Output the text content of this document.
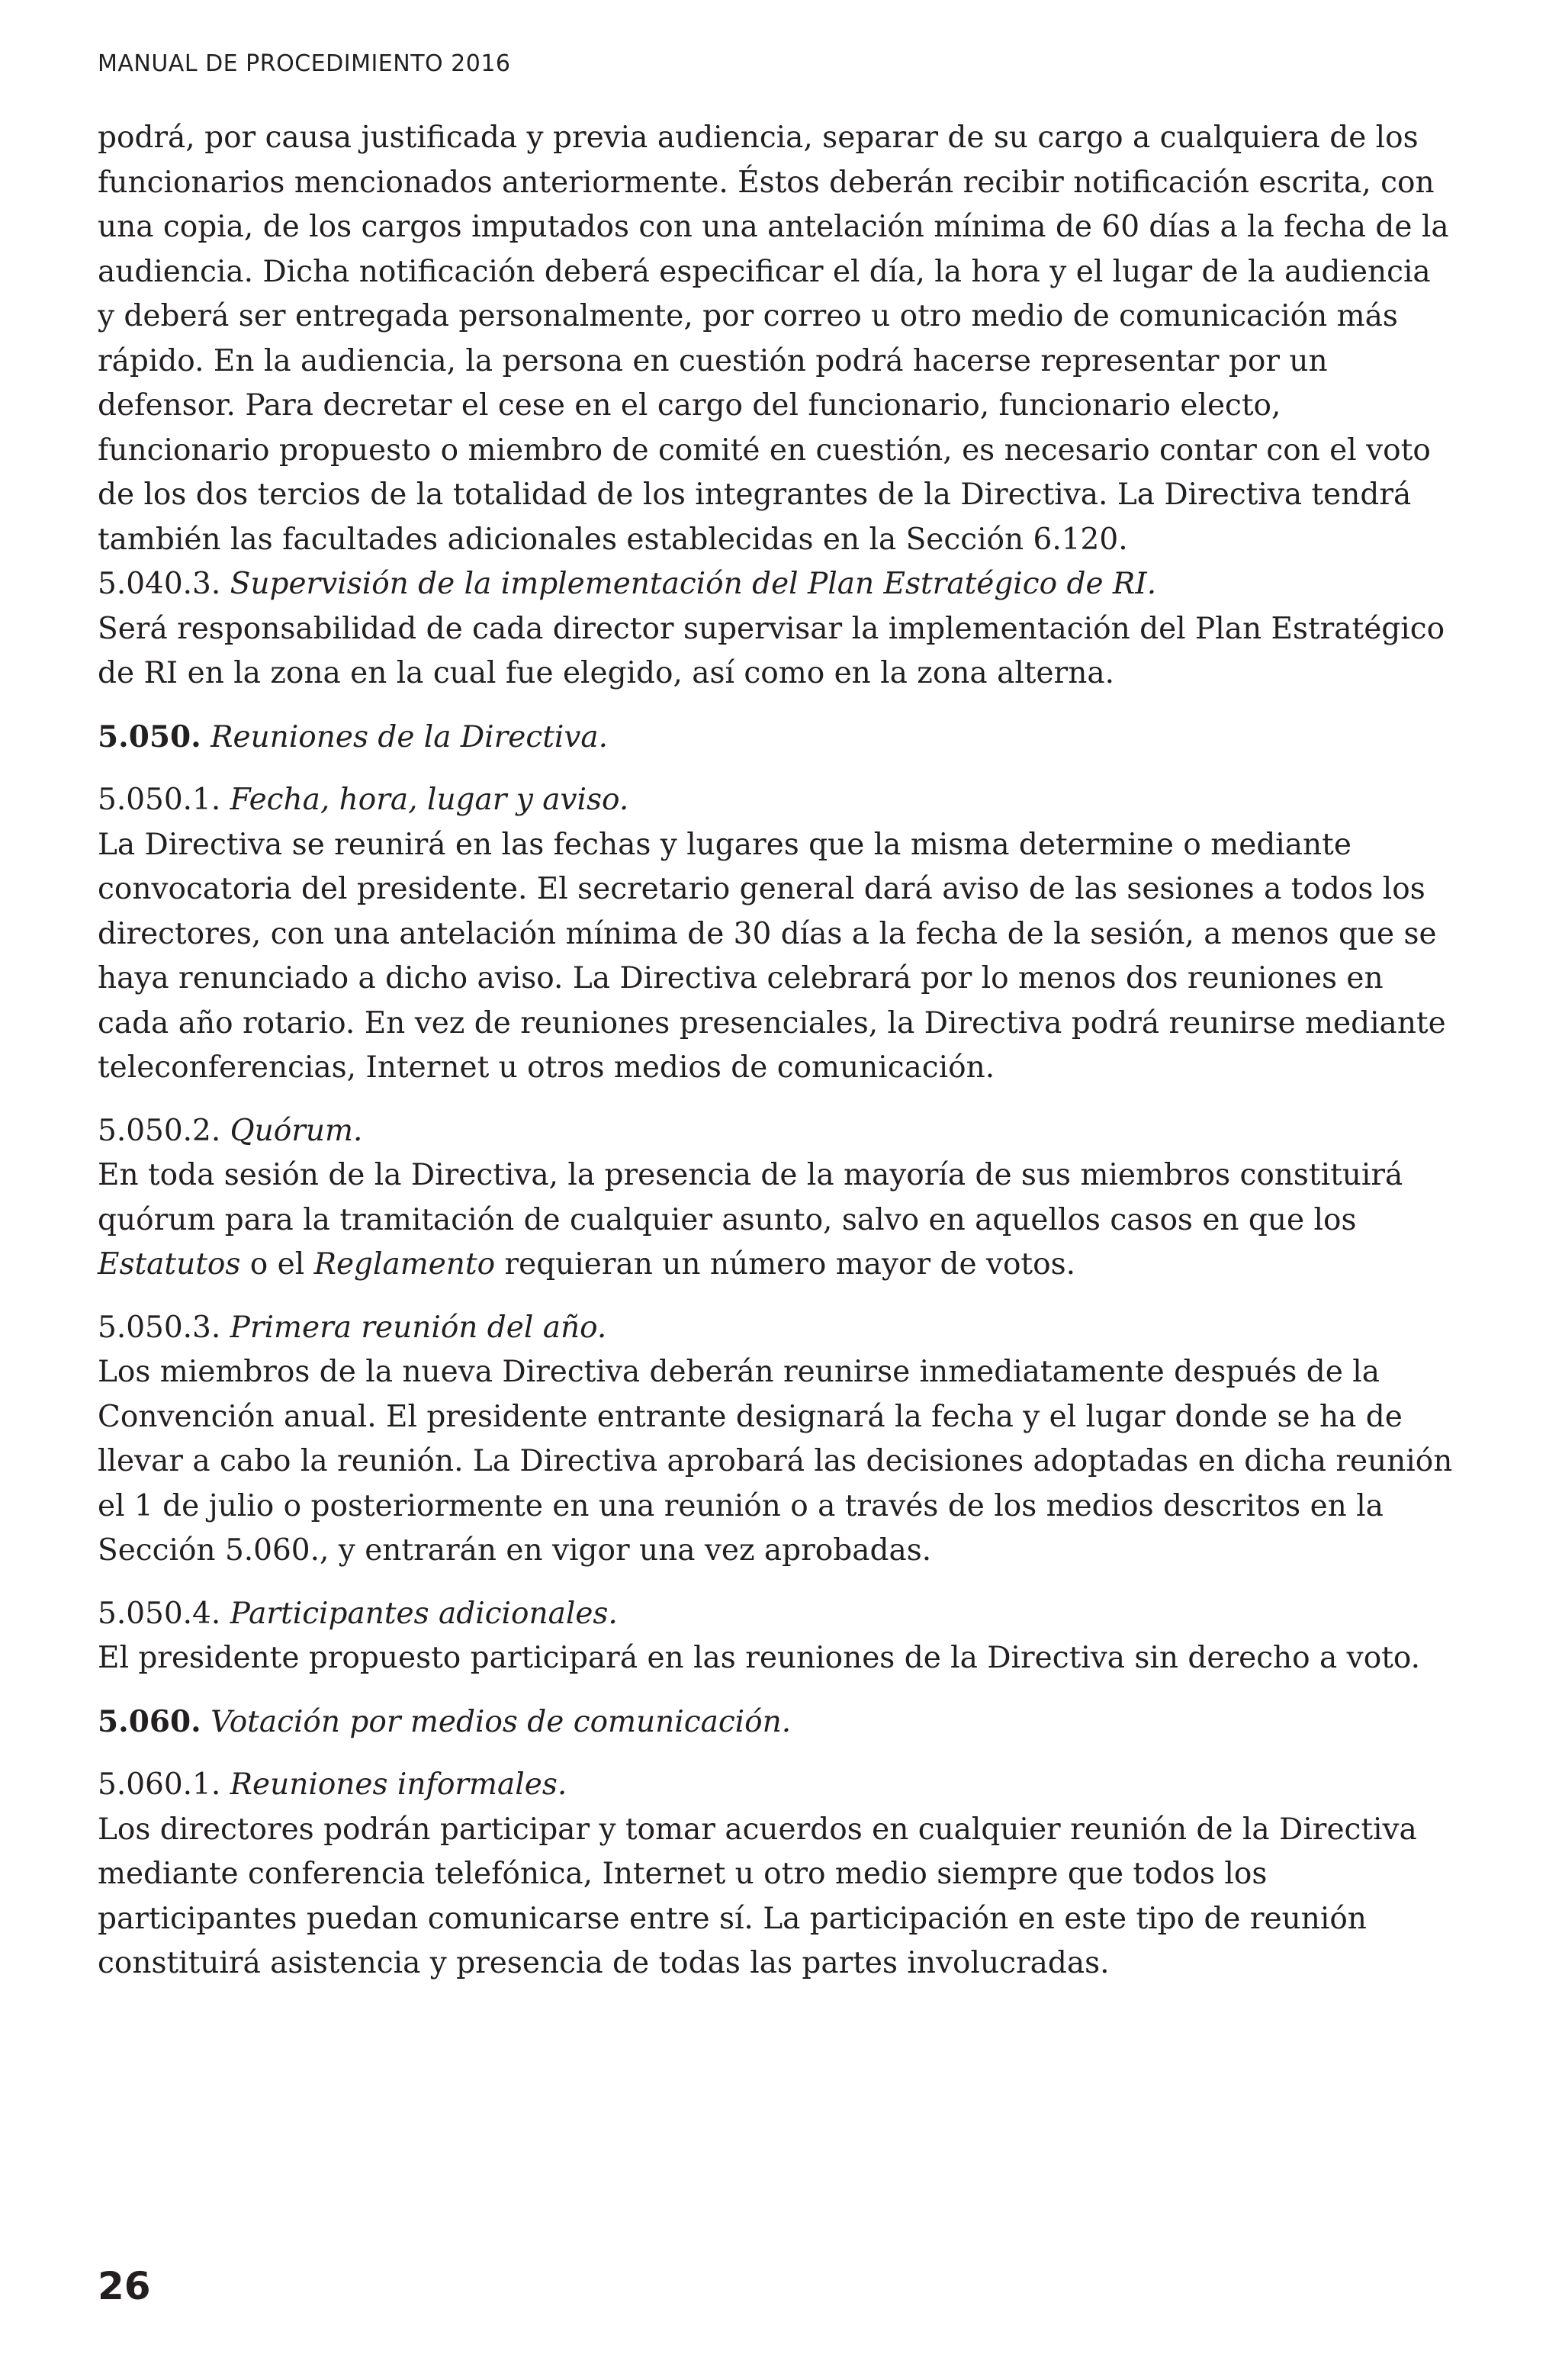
MANUAL DE PROCEDIMIENTO 2016

podrá, por causa justificada y previa audiencia, separar de su cargo a cualquiera de los funcionarios mencionados anteriormente. Éstos deberán recibir notificación escrita, con una copia, de los cargos imputados con una antelación mínima de 60 días a la fecha de la audiencia. Dicha notificación deberá especificar el día, la hora y el lugar de la audiencia y deberá ser entregada personalmente, por correo u otro medio de comunicación más rápido. En la audiencia, la persona en cuestión podrá hacerse representar por un defensor. Para decretar el cese en el cargo del funcionario, funcionario electo, funcionario propuesto o miembro de comité en cuestión, es necesario contar con el voto de los dos tercios de la totalidad de los integrantes de la Directiva. La Directiva tendrá también las facultades adicionales establecidas en la Sección 6.120.

5.040.3. Supervisión de la implementación del Plan Estratégico de RI.

Será responsabilidad de cada director supervisar la implementación del Plan Estratégico de RI en la zona en la cual fue elegido, así como en la zona alterna.

5.050. Reuniones de la Directiva.

5.050.1. Fecha, hora, lugar y aviso.

La Directiva se reunirá en las fechas y lugares que la misma determine o mediante convocatoria del presidente. El secretario general dará aviso de las sesiones a todos los directores, con una antelación mínima de 30 días a la fecha de la sesión, a menos que se haya renunciado a dicho aviso. La Directiva celebrará por lo menos dos reuniones en cada año rotario. En vez de reuniones presenciales, la Directiva podrá reunirse mediante teleconferencias, Internet u otros medios de comunicación.

5.050.2. Quórum.

En toda sesión de la Directiva, la presencia de la mayoría de sus miembros constituirá quórum para la tramitación de cualquier asunto, salvo en aquellos casos en que los Estatutos o el Reglamento requieran un número mayor de votos.

5.050.3. Primera reunión del año.

Los miembros de la nueva Directiva deberán reunirse inmediatamente después de la Convención anual. El presidente entrante designará la fecha y el lugar donde se ha de llevar a cabo la reunión. La Directiva aprobará las decisiones adoptadas en dicha reunión el 1 de julio o posteriormente en una reunión o a través de los medios descritos en la Sección 5.060., y entrarán en vigor una vez aprobadas.

5.050.4. Participantes adicionales.

El presidente propuesto participará en las reuniones de la Directiva sin derecho a voto.

5.060. Votación por medios de comunicación.

5.060.1. Reuniones informales.

Los directores podrán participar y tomar acuerdos en cualquier reunión de la Directiva mediante conferencia telefónica, Internet u otro medio siempre que todos los participantes puedan comunicarse entre sí. La participación en este tipo de reunión constituirá asistencia y presencia de todas las partes involucradas.

26
